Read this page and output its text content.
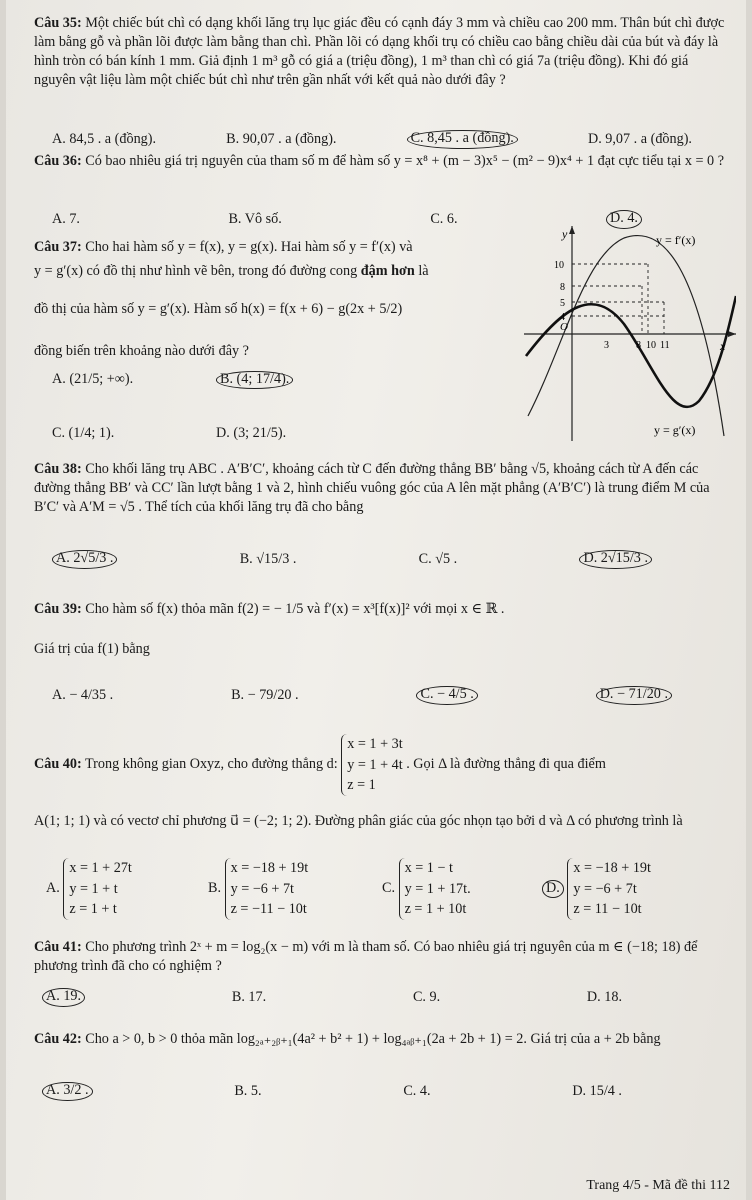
Câu 35: Một chiếc bút chì có dạng khối lăng trụ lục giác đều có cạnh đáy 3 mm và chiều cao 200 mm. Thân bút chì được làm bằng gỗ và phần lõi được làm bằng than chì. Phần lõi có dạng khối trụ có chiều cao bằng chiều dài của bút và đáy là hình tròn có bán kính 1 mm. Giả định 1 m³ gỗ có giá a (triệu đồng), 1 m³ than chì có giá 7a (triệu đồng). Khi đó giá nguyên vật liệu làm một chiếc bút chì như trên gần nhất với kết quả nào dưới đây ?
A. 84,5 . a (đồng).	B. 90,07 . a (đồng).	C. 8,45 . a (đồng).	D. 9,07 . a (đồng).
Câu 36: Có bao nhiêu giá trị nguyên của tham số m để hàm số y = x⁸ + (m − 3)x⁵ − (m² − 9)x⁴ + 1 đạt cực tiểu tại x = 0 ?
A. 7.	B. Vô số.	C. 6.	D. 4.
Câu 37: Cho hai hàm số y = f(x), y = g(x). Hai hàm số y = f′(x) và
y = g′(x) có đồ thị như hình vẽ bên, trong đó đường cong đậm hơn là
đồ thị của hàm số y = g′(x). Hàm số h(x) = f(x + 6) − g(2x + 5/2)
đồng biến trên khoảng nào dưới đây ?
A. (21/5; +∞).	B. (4; 17/4).
C. (1/4; 1).	D. (3; 21/5).
y
x
O
y = f′(x)
y = g′(x)
10
8
5
4
3	8 10 11
Câu 38: Cho khối lăng trụ ABC . A′B′C′, khoảng cách từ C đến đường thẳng BB′ bằng √5, khoảng cách từ A đến các đường thẳng BB′ và CC′ lần lượt bằng 1 và 2, hình chiếu vuông góc của A lên mặt phẳng (A′B′C′) là trung điểm M của B′C′ và A′M = √5 . Thể tích của khối lăng trụ đã cho bằng
A. 2√5/3 .	B. √15/3 .	C. √5 .	D. 2√15/3 .
Câu 39: Cho hàm số f(x) thỏa mãn f(2) = − 1/5 và f′(x) = x³[f(x)]² với mọi x ∈ ℝ .
Giá trị của f(1) bằng
A. − 4/35 .	B. − 79/20 .	C. − 4/5 .	D. − 71/20 .
Câu 40: Trong không gian Oxyz, cho đường thẳng d:
x = 1 + 3t
y = 1 + 4t
z = 1
. Gọi Δ là đường thẳng đi qua điểm
A(1; 1; 1) và có vectơ chỉ phương u⃗ = (−2; 1; 2). Đường phân giác của góc nhọn tạo bởi d và Δ có phương trình là
A.
x = 1 + 27t
y = 1 + t
z = 1 + t
B.
x = −18 + 19t
y = −6 + 7t
z = −11 − 10t
C.
x = 1 − t
y = 1 + 17t.
z = 1 + 10t
D.
x = −18 + 19t
y = −6 + 7t
z = 11 − 10t
Câu 41: Cho phương trình 2ˣ + m = log₂(x − m) với m là tham số. Có bao nhiêu giá trị nguyên của m ∈ (−18; 18) để phương trình đã cho có nghiệm ?
A. 19.	B. 17.	C. 9.	D. 18.
Câu 42: Cho a > 0, b > 0 thỏa mãn log₂ₐ₊₂ᵦ₊₁(4a² + b² + 1) + log₄ₐᵦ₊₁(2a + 2b + 1) = 2. Giá trị của a + 2b bằng
A. 3/2 .	B. 5.	C. 4.	D. 15/4 .
Trang 4/5 - Mã đề thi 112
